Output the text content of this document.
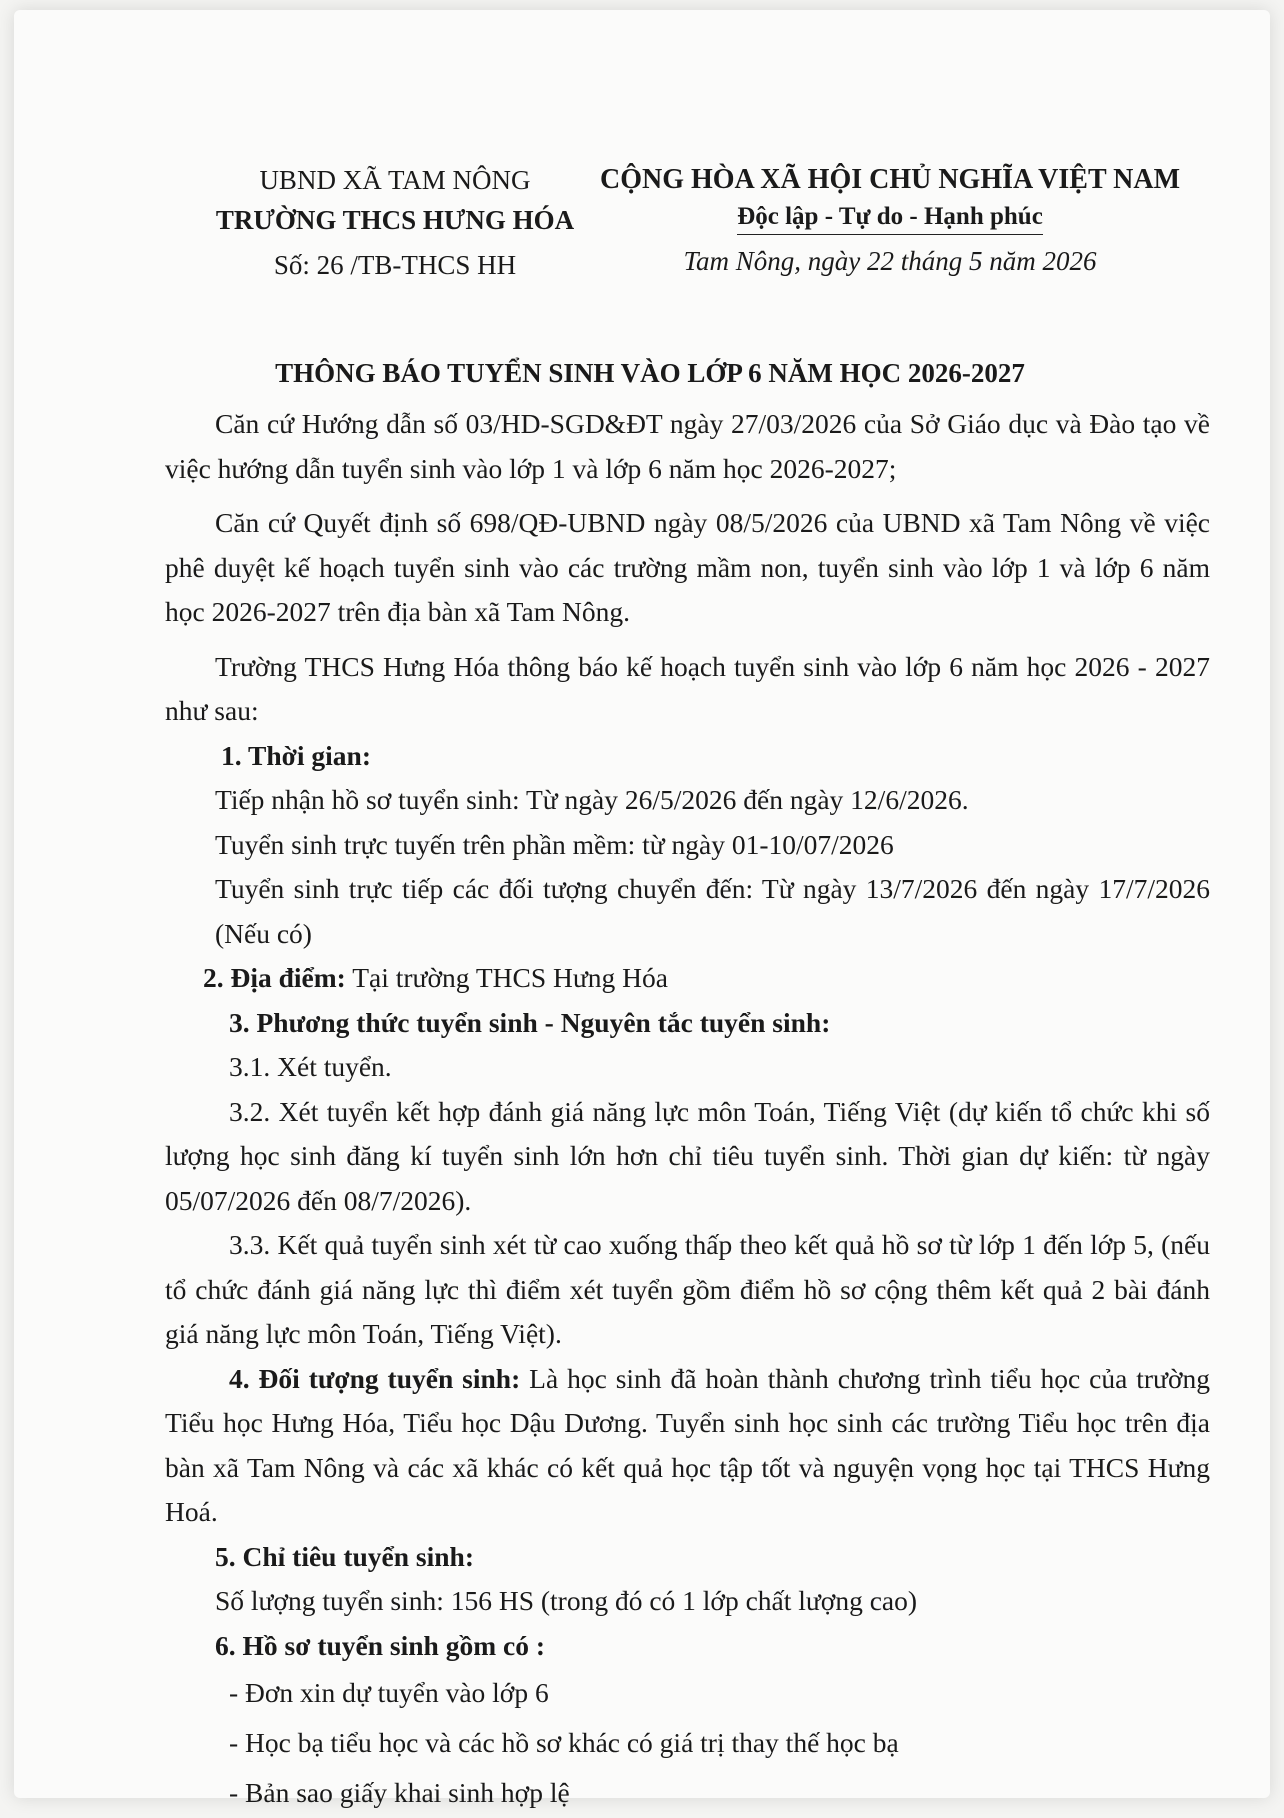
UBND XÃ TAM NÔNG
TRƯỜNG THCS HƯNG HÓA
Số: 26 /TB-THCS HH
CỘNG HÒA XÃ HỘI CHỦ NGHĨA VIỆT NAM
Độc lập - Tự do - Hạnh phúc
Tam Nông, ngày 22 tháng 5 năm 2026
THÔNG BÁO TUYỂN SINH VÀO LỚP 6 NĂM HỌC 2026-2027

Căn cứ Hướng dẫn số 03/HD-SGD&ĐT ngày 27/03/2026 của Sở Giáo dục và Đào tạo về việc hướng dẫn tuyển sinh vào lớp 1 và lớp 6 năm học 2026-2027;

Căn cứ Quyết định số 698/QĐ-UBND ngày 08/5/2026 của UBND xã Tam Nông về việc phê duyệt kế hoạch tuyển sinh vào các trường mầm non, tuyển sinh vào lớp 1 và lớp 6 năm học 2026-2027 trên địa bàn xã Tam Nông.

Trường THCS Hưng Hóa thông báo kế hoạch tuyển sinh vào lớp 6 năm học 2026 - 2027 như sau:

1. Thời gian:

Tiếp nhận hồ sơ tuyển sinh: Từ ngày 26/5/2026 đến ngày 12/6/2026.

Tuyển sinh trực tuyến trên phần mềm: từ ngày 01-10/07/2026

Tuyển sinh trực tiếp các đối tượng chuyển đến: Từ ngày 13/7/2026 đến ngày 17/7/2026 (Nếu có)

2. Địa điểm: Tại trường THCS Hưng Hóa

3. Phương thức tuyển sinh - Nguyên tắc tuyển sinh:

3.1. Xét tuyển.

3.2. Xét tuyển kết hợp đánh giá năng lực môn Toán, Tiếng Việt (dự kiến tổ chức khi số lượng học sinh đăng kí tuyển sinh lớn hơn chỉ tiêu tuyển sinh. Thời gian dự kiến: từ ngày 05/07/2026 đến 08/7/2026).

3.3. Kết quả tuyển sinh xét từ cao xuống thấp theo kết quả hồ sơ từ lớp 1 đến lớp 5, (nếu tổ chức đánh giá năng lực thì điểm xét tuyển gồm điểm hồ sơ cộng thêm kết quả 2 bài đánh giá năng lực môn Toán, Tiếng Việt).

4. Đối tượng tuyển sinh: Là học sinh đã hoàn thành chương trình tiểu học của trường Tiểu học Hưng Hóa, Tiểu học Dậu Dương. Tuyển sinh học sinh các trường Tiểu học trên địa bàn xã Tam Nông và các xã khác có kết quả học tập tốt và nguyện vọng học tại THCS Hưng Hoá.

5. Chỉ tiêu tuyển sinh:

Số lượng tuyển sinh: 156 HS (trong đó có 1 lớp chất lượng cao)

6. Hồ sơ tuyển sinh gồm có :

- Đơn xin dự tuyển vào lớp 6

- Học bạ tiểu học và các hồ sơ khác có giá trị thay thế học bạ

- Bản sao giấy khai sinh hợp lệ
